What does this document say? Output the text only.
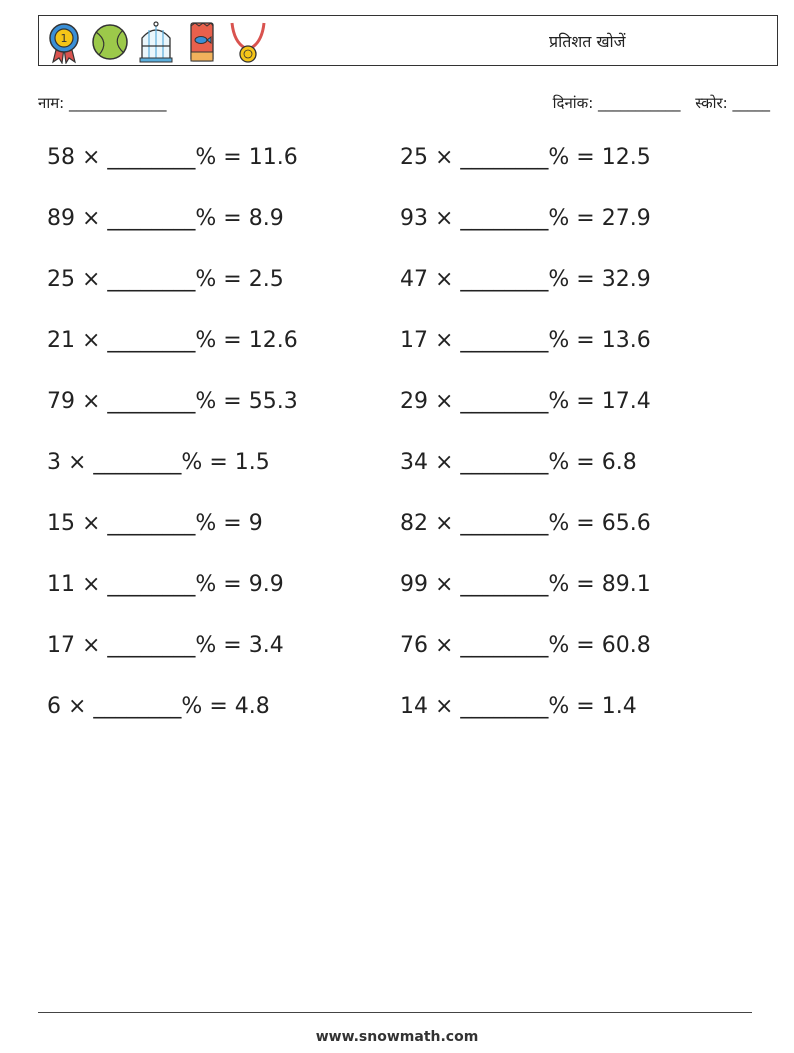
1	प्रतिशत खोजें
नाम: _____________	दिनांक: ___________ स्कोर: _____
58 × ________% = 11.6	25 × ________% = 12.5
89 × ________% = 8.9	93 × ________% = 27.9
25 × ________% = 2.5	47 × ________% = 32.9
21 × ________% = 12.6	17 × ________% = 13.6
79 × ________% = 55.3	29 × ________% = 17.4
3 × ________% = 1.5	34 × ________% = 6.8
15 × ________% = 9	82 × ________% = 65.6
11 × ________% = 9.9	99 × ________% = 89.1
17 × ________% = 3.4	76 × ________% = 60.8
6 × ________% = 4.8	14 × ________% = 1.4
www.snowmath.com
